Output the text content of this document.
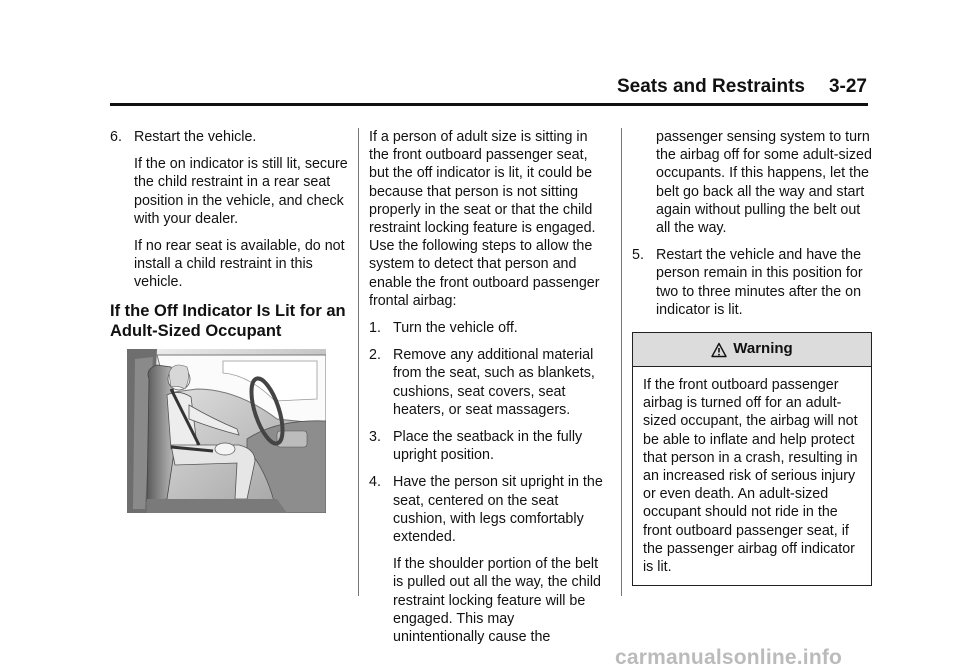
Seats and Restraints 3-27
6. Restart the vehicle.
If the on indicator is still lit, secure the child restraint in a rear seat position in the vehicle, and check with your dealer.
If no rear seat is available, do not install a child restraint in this vehicle.
If the Off Indicator Is Lit for an Adult-Sized Occupant
If a person of adult size is sitting in the front outboard passenger seat, but the off indicator is lit, it could be because that person is not sitting properly in the seat or that the child restraint locking feature is engaged. Use the following steps to allow the system to detect that person and enable the front outboard passenger frontal airbag:
1. Turn the vehicle off.
2. Remove any additional material from the seat, such as blankets, cushions, seat covers, seat heaters, or seat massagers.
3. Place the seatback in the fully upright position.
4. Have the person sit upright in the seat, centered on the seat cushion, with legs comfortably extended.
If the shoulder portion of the belt is pulled out all the way, the child restraint locking feature will be engaged. This may unintentionally cause the
passenger sensing system to turn the airbag off for some adult-sized occupants. If this happens, let the belt go back all the way and start again without pulling the belt out all the way.
5. Restart the vehicle and have the person remain in this position for two to three minutes after the on indicator is lit.
Warning
If the front outboard passenger airbag is turned off for an adult-sized occupant, the airbag will not be able to inflate and help protect that person in a crash, resulting in an increased risk of serious injury or even death. An adult-sized occupant should not ride in the front outboard passenger seat, if the passenger airbag off indicator is lit.
carmanualsonline.info
